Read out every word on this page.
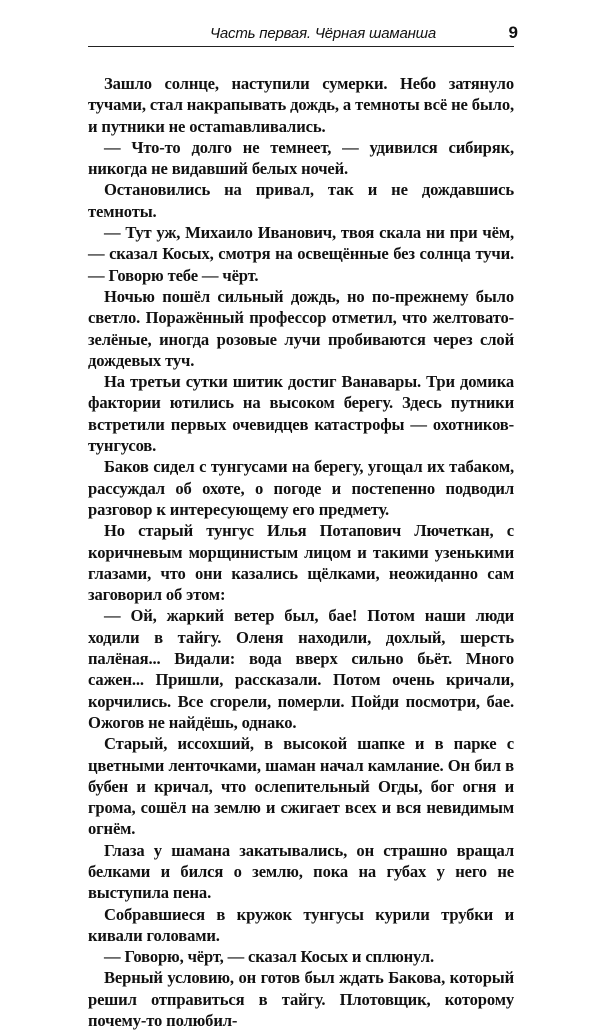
Часть первая. Чёрная шаманша	9

Зашло солнце, наступили сумерки. Небо затянуло тучами, стал накрапывать дождь, а темноты всё не было, и путники не остаmавливались.

— Что-то долго не темнеет, — удивился сибиряк, никогда не видавший белых ночей.

Остановились на привал, так и не дождавшись темноты.

— Тут уж, Михаило Иванович, твоя скала ни при чём, — сказал Косых, смотря на освещённые без солнца тучи. — Говорю тебе — чёрт.

Ночью пошёл сильный дождь, но по-прежнему было светло. Поражённый профессор отметил, что желтовато-зелёные, иногда розовые лучи пробиваются через слой дождевых туч.

На третьи сутки шитик достиг Ванавары. Три домика фактории ютились на высоком берегу. Здесь путники встретили первых очевидцев катастрофы — охотников-тунгусов.

Баков сидел с тунгусами на берегу, угощал их табаком, рассуждал об охоте, о погоде и постепенно подводил разговор к интересующему его предмету.

Но старый тунгус Илья Потапович Лючеткан, с коричневым морщинистым лицом и такими узенькими глазами, что они казались щёлками, неожиданно сам заговорил об этом:

— Ой, жаркий ветер был, бае! Потом наши люди ходили в тайгу. Оленя находили, дохлый, шерсть палёная... Видали: вода вверх сильно бьёт. Много сажен... Пришли, рассказали. Потом очень кричали, корчились. Все сгорели, померли. Пойди посмотри, бае. Ожогов не найдёшь, однако.

Старый, иссохший, в высокой шапке и в парке с цветными ленточками, шаман начал камлание. Он бил в бубен и кричал, что ослепительный Огды, бог огня и грома, сошёл на землю и сжигает всех и вся невидимым огнём.

Глаза у шамана закатывались, он страшно вращал белками и бился о землю, пока на губах у него не выступила пена.

Собравшиеся в кружок тунгусы курили трубки и кивали головами.

— Говорю, чёрт, — сказал Косых и сплюнул.

Верный условию, он готов был ждать Бакова, который решил отправиться в тайгу. Плотовщик, которому почему-то полюбил-
